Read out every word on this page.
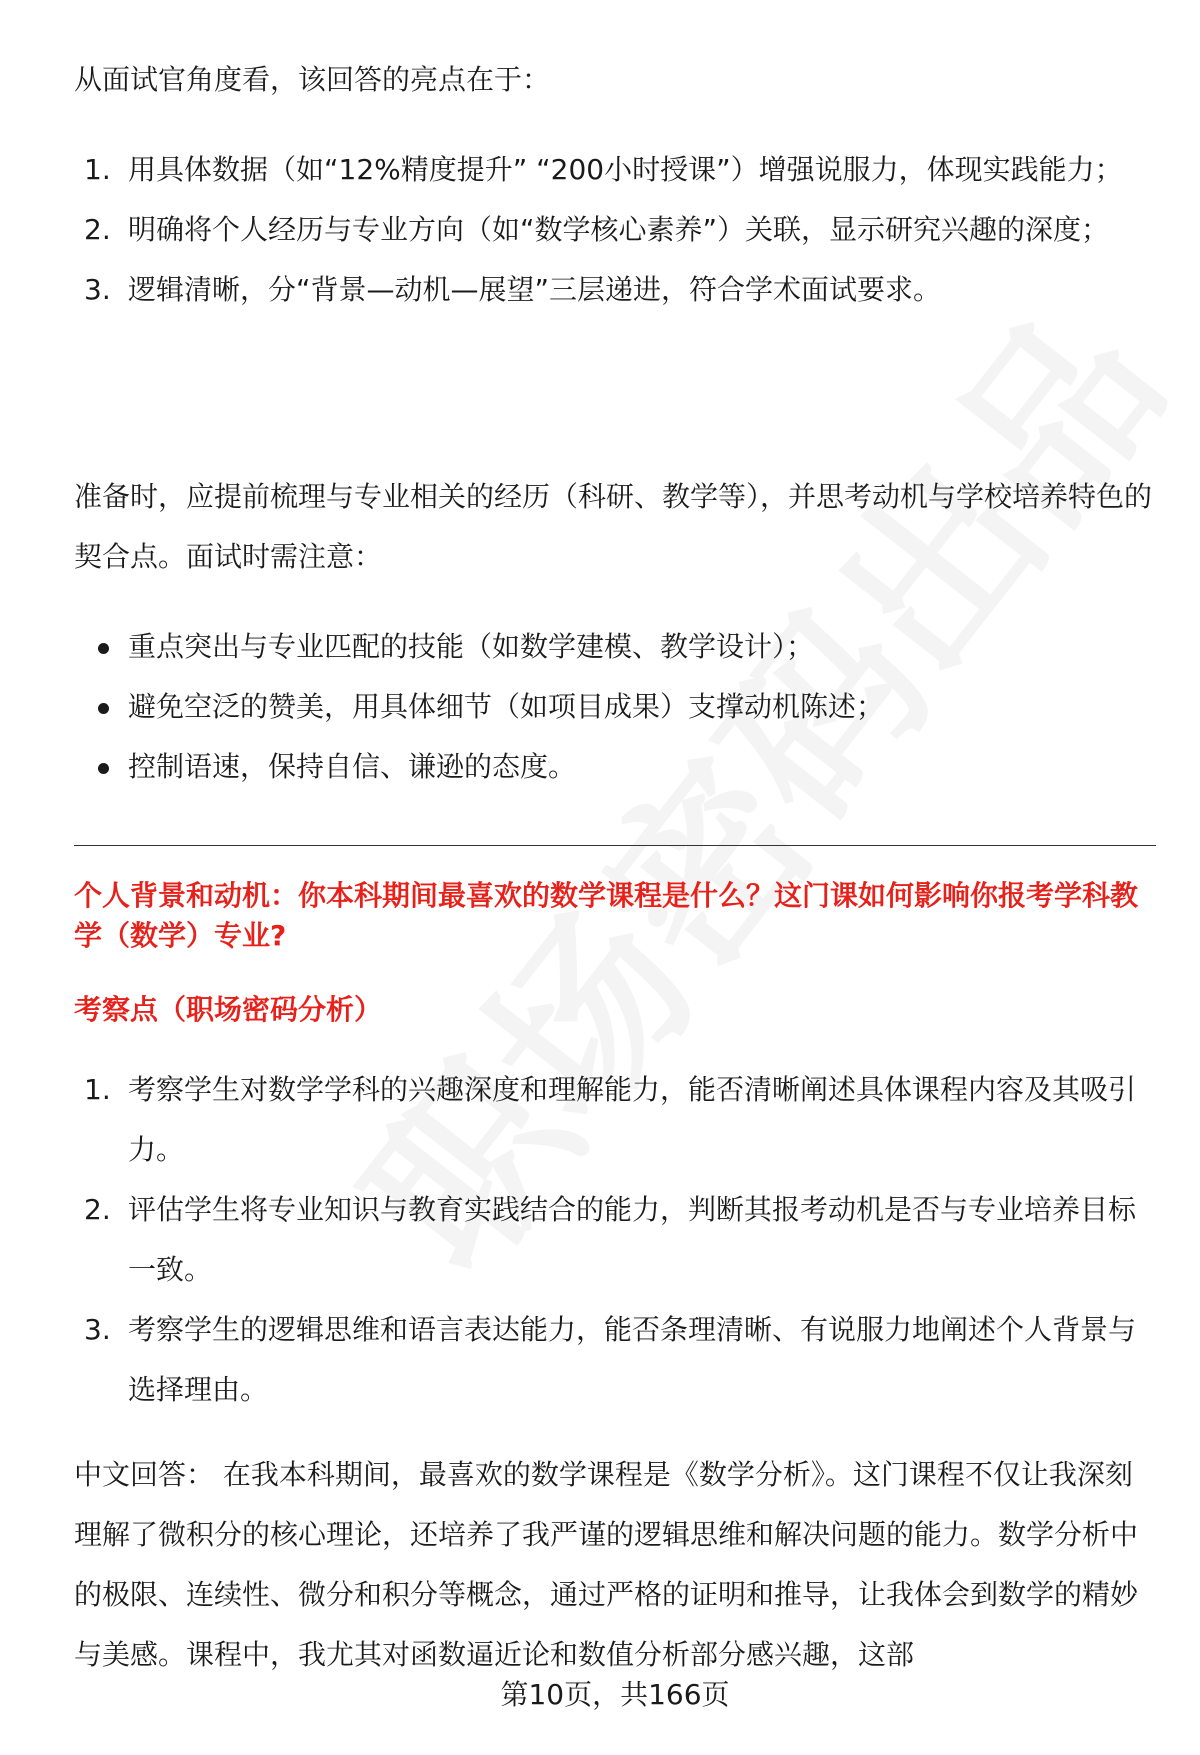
从面试官角度看，该回答的亮点在于：

1. 用具体数据（如“12%精度提升” “200小时授课”）增强说服力，体现实践能力；
2. 明确将个人经历与专业方向（如“数学核心素养”）关联，显示研究兴趣的深度；
3. 逻辑清晰，分“背景—动机—展望”三层递进，符合学术面试要求。

准备时，应提前梳理与专业相关的经历（科研、教学等），并思考动机与学校培养特色的契合点。面试时需注意：

重点突出与专业匹配的技能（如数学建模、教学设计）；
避免空泛的赞美，用具体细节（如项目成果）支撑动机陈述；
控制语速，保持自信、谦逊的态度。
个人背景和动机：你本科期间最喜欢的数学课程是什么？这门课如何影响你报考学科教学（数学）专业?
考察点（职场密码分析）
1. 考察学生对数学学科的兴趣深度和理解能力，能否清晰阐述具体课程内容及其吸引力。
2. 评估学生将专业知识与教育实践结合的能力，判断其报考动机是否与专业培养目标一致。
3. 考察学生的逻辑思维和语言表达能力，能否条理清晰、有说服力地阐述个人背景与选择理由。

中文回答： 在我本科期间，最喜欢的数学课程是《数学分析》。这门课程不仅让我深刻理解了微积分的核心理论，还培养了我严谨的逻辑思维和解决问题的能力。数学分析中的极限、连续性、微分和积分等概念，通过严格的证明和推导，让我体会到数学的精妙与美感。课程中，我尤其对函数逼近论和数值分析部分感兴趣，这部

第10页，共166页
